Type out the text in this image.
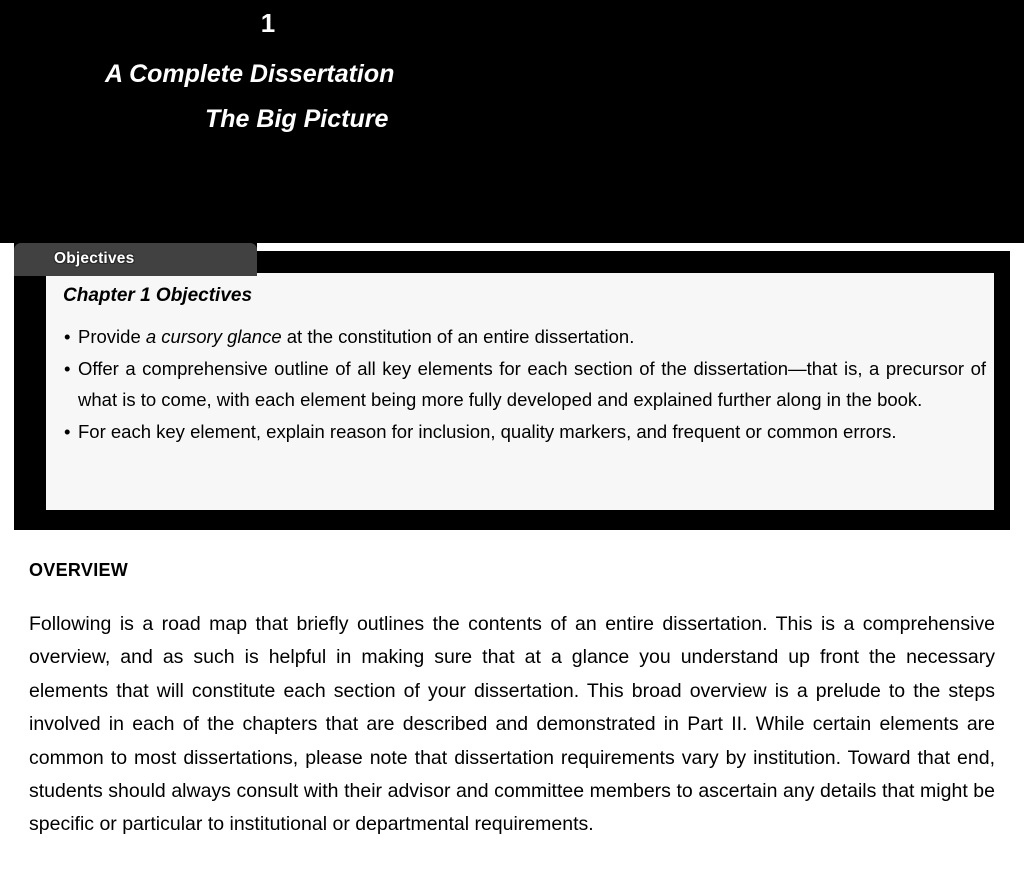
1
A Complete Dissertation
The Big Picture
Chapter 1 Objectives
• Provide a cursory glance at the constitution of an entire dissertation.
• Offer a comprehensive outline of all key elements for each section of the dissertation—that is, a precursor of what is to come, with each element being more fully developed and explained further along in the book.
• For each key element, explain reason for inclusion, quality markers, and frequent or common errors.
Objectives
OVERVIEW

Following is a road map that briefly outlines the contents of an entire dissertation. This is a comprehensive overview, and as such is helpful in making sure that at a glance you understand up front the necessary elements that will constitute each section of your dissertation. This broad overview is a prelude to the steps involved in each of the chapters that are described and demonstrated in Part II. While certain elements are common to most dissertations, please note that dissertation requirements vary by institution. Toward that end, students should always consult with their advisor and committee members to ascertain any details that might be specific or particular to institutional or departmental requirements.
